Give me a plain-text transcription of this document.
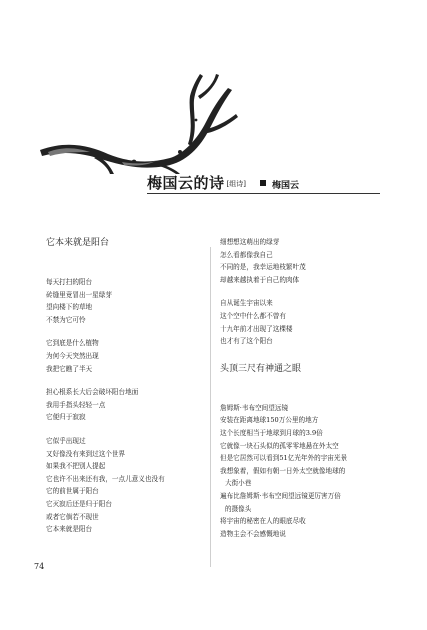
梅国云的诗 [组诗]	梅国云
它本来就是阳台
每天打扫的阳台
砖缝里竟冒出一星绿芽
望向楼下的草地
不禁为它可怜
它到底是什么植物
为何今天突然出现
我把它瞧了半天
担心根系长大后会破坏阳台地面
我用手指头轻轻一点
它便归于寂寂
它似乎出现过
又好像没有来到过这个世界
如果我不把别人提起
它也许不出来还有我，一点儿意义也没有
它的前世属于阳台
它灭寂后还是归于阳台
或者它倘若不现世
它本来就是阳台
细想想这萌出的绿芽
怎么看都像我自己
不同的是，我幸运地枝繁叶茂
却越来越执着于自己的肉体
自从诞生宇宙以来
这个空中什么都不曾有
十九年前才出现了这棵楼
也才有了这个阳台
头顶三尺有神通之眼
詹姆斯·韦布空间望远镜
安装在距离地球150万公里的地方
这个长度相当于地球到月球的3.9倍
它就像一块石头似的孤零零地悬在外太空
但是它居然可以看到51亿光年外的宇宙光景
我想象着，假如有朝一日外太空就像地球的
大街小巷
遍布比詹姆斯·韦布空间望远镜更厉害万倍
的摄像头
将宇宙的秘密在人的眼底尽收
造物主会不会感慨地说
74
